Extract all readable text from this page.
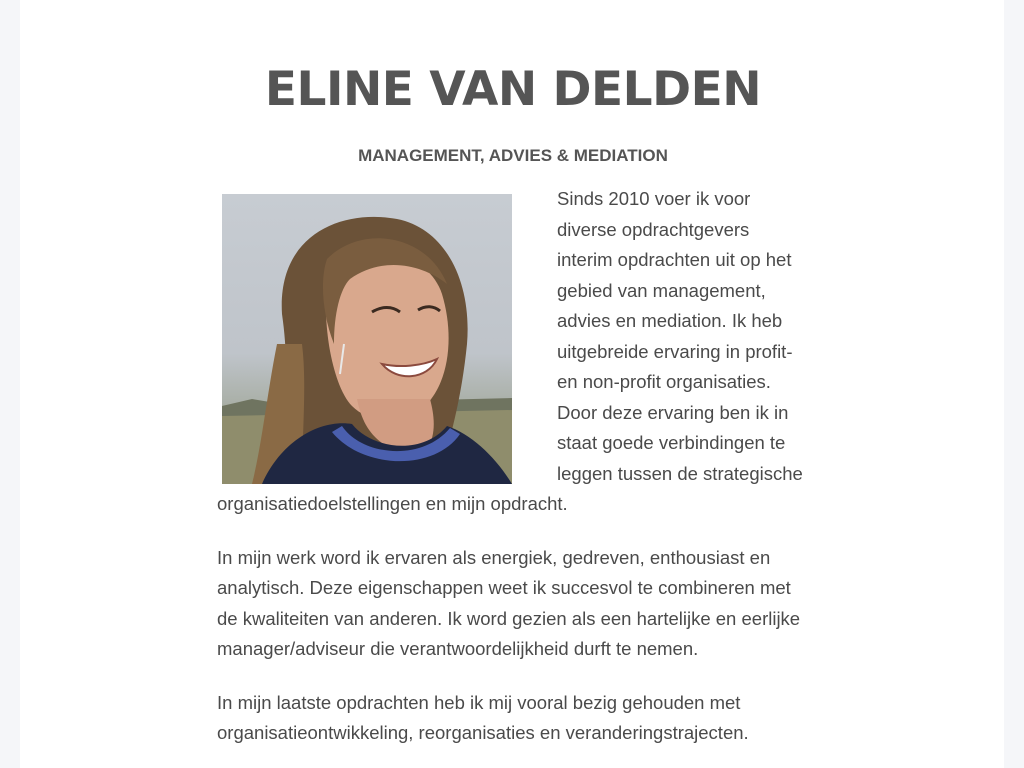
ELINE VAN DELDEN
MANAGEMENT, ADVIES & MEDIATION

Sinds 2010 voer ik voor diverse opdrachtgevers interim opdrachten uit op het gebied van management, advies en mediation. Ik heb uitgebreide ervaring in profit- en non-profit organisaties. Door deze ervaring ben ik in staat goede verbindingen te leggen tussen de strategische organisatiedoelstellingen en mijn opdracht.

In mijn werk word ik ervaren als energiek, gedreven, enthousiast en analytisch. Deze eigenschappen weet ik succesvol te combineren met de kwaliteiten van anderen. Ik word gezien als een hartelijke en eerlijke manager/adviseur die verantwoordelijkheid durft te nemen.

In mijn laatste opdrachten heb ik mij vooral bezig gehouden met organisatieontwikkeling, reorganisaties en veranderingstrajecten.
